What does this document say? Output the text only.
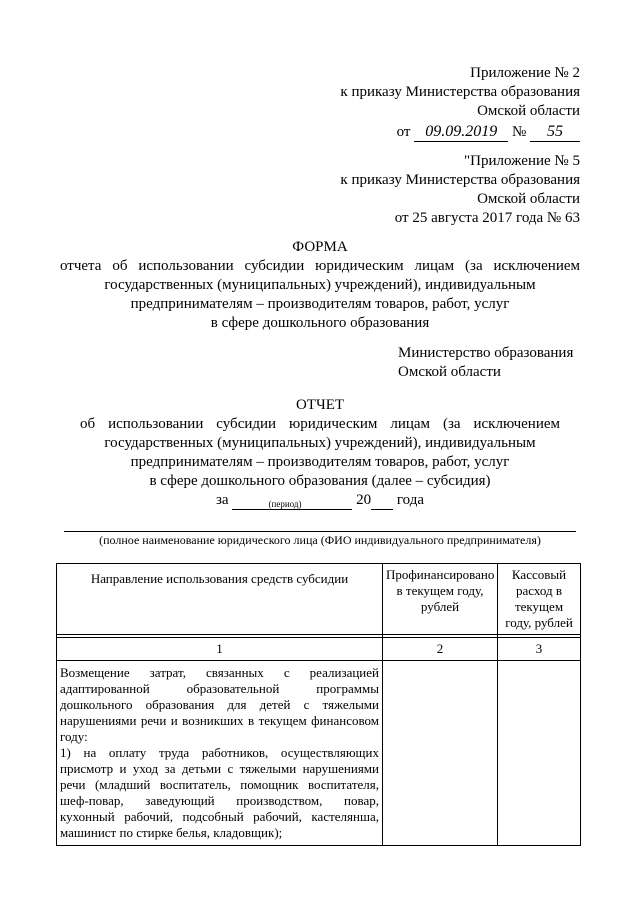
Приложение № 2
к приказу Министерства образования
Омской области
от 09.09.2019 № 55
"Приложение № 5
к приказу Министерства образования
Омской области
от 25 августа 2017 года № 63
ФОРМА
отчета об использовании субсидии юридическим лицам (за исключением
государственных (муниципальных) учреждений), индивидуальным
предпринимателям – производителям товаров, работ, услуг
в сфере дошкольного образования
Министерство образования
Омской области
ОТЧЕТ
об использовании субсидии юридическим лицам (за исключением
государственных (муниципальных) учреждений), индивидуальным
предпринимателям – производителям товаров, работ, услуг
в сфере дошкольного образования (далее – субсидия)
за	20 года
(период)
(полное наименование юридического лица (ФИО индивидуального предпринимателя)
Направление использования средств субсидии	Профинансировано в текущем году, рублей	Кассовый расход в текущем году, рублей

1	2	3

Возмещение затрат, связанных с реализацией адаптированной образовательной программы дошкольного образования для детей с тяжелыми нарушениями речи и возникших в текущем финансовом году:
1) на оплату труда работников, осуществляющих присмотр и уход за детьми с тяжелыми нарушениями речи (младший воспитатель, помощник воспитателя, шеф-повар, заведующий производством, повар, кухонный рабочий, подсобный рабочий, кастелянша, машинист по стирке белья, кладовщик);		
